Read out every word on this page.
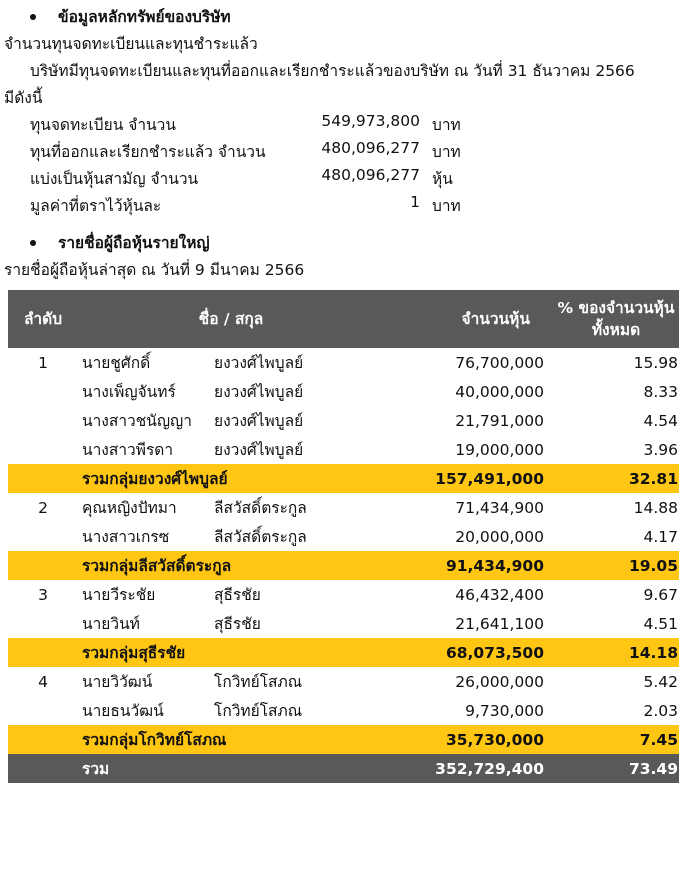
ข้อมูลหลักทรัพย์ของบริษัท
จำนวนทุนจดทะเบียนและทุนชำระแล้ว
บริษัทมีทุนจดทะเบียนและทุนที่ออกและเรียกชำระแล้วของบริษัท ณ วันที่ 31 ธันวาคม 2566
มีดังนี้
ทุนจดทะเบียน จำนวน	549,973,800 บาท
ทุนที่ออกและเรียกชำระแล้ว จำนวน	480,096,277 บาท
แบ่งเป็นหุ้นสามัญ จำนวน	480,096,277 หุ้น
มูลค่าที่ตราไว้หุ้นละ	1 บาท
รายชื่อผู้ถือหุ้นรายใหญ่
รายชื่อผู้ถือหุ้นล่าสุด ณ วันที่ 9 มีนาคม 2566
ลำดับ	ชื่อ / สกุล	จำนวนหุ้น	% ของจำนวนหุ้น
ทั้งหมด
1	นายชูศักดิ์ ยงวงศ์ไพบูลย์	76,700,000	15.98
	นางเพ็ญจันทร์ ยงวงศ์ไพบูลย์	40,000,000	8.33
	นางสาวชนัญญา ยงวงศ์ไพบูลย์	21,791,000	4.54
	นางสาวพีรดา ยงวงศ์ไพบูลย์	19,000,000	3.96
	รวมกลุ่มยงวงศ์ไพบูลย์	157,491,000	32.81
2	คุณหญิงปัทมา ลีสวัสดิ์ตระกูล	71,434,900	14.88
	นางสาวเกรซ ลีสวัสดิ์ตระกูล	20,000,000	4.17
	รวมกลุ่มลีสวัสดิ์ตระกูล	91,434,900	19.05
3	นายวีระชัย สุธีรชัย	46,432,400	9.67
	นายวินท์ สุธีรชัย	21,641,100	4.51
	รวมกลุ่มสุธีรชัย	68,073,500	14.18
4	นายวิวัฒน์ โกวิทย์โสภณ	26,000,000	5.42
	นายธนวัฒน์ โกวิทย์โสภณ	9,730,000	2.03
	รวมกลุ่มโกวิทย์โสภณ	35,730,000	7.45
	รวม	352,729,400	73.49
